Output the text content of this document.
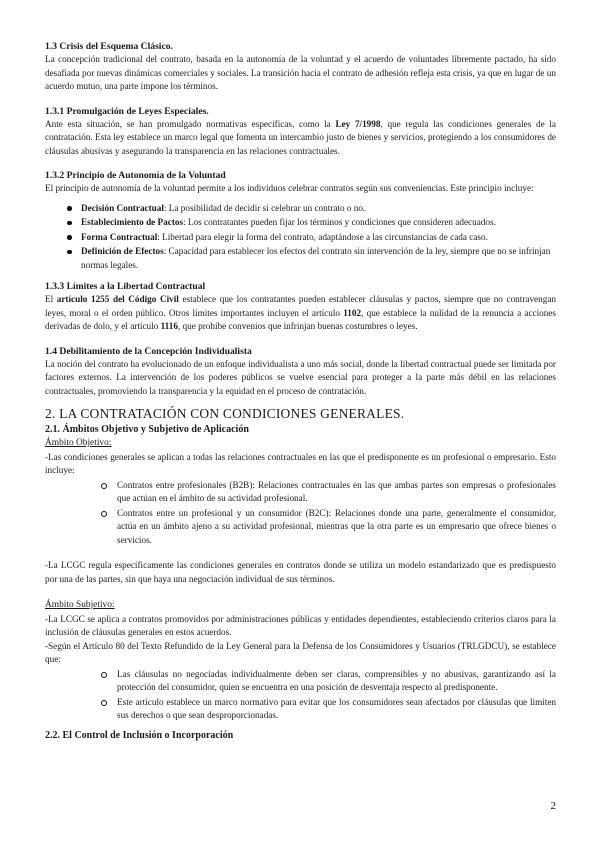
1.3 Crisis del Esquema Clásico.

La concepción tradicional del contrato, basada en la autonomía de la voluntad y el acuerdo de voluntades libremente pactado, ha sido desafiada por nuevas dinámicas comerciales y sociales. La transición hacia el contrato de adhesión refleja esta crisis, ya que en lugar de un acuerdo mutuo, una parte impone los términos.

1.3.1 Promulgación de Leyes Especiales.

Ante esta situación, se han promulgado normativas específicas, como la Ley 7/1998, que regula las condiciones generales de la contratación. Esta ley establece un marco legal que fomenta un intercambio justo de bienes y servicios, protegiendo a los consumidores de cláusulas abusivas y asegurando la transparencia en las relaciones contractuales.

1.3.2 Principio de Autonomía de la Voluntad

El principio de autonomía de la voluntad permite a los individuos celebrar contratos según sus conveniencias. Este principio incluye:

Decisión Contractual: La posibilidad de decidir si celebrar un contrato o no.
Establecimiento de Pactos: Los contratantes pueden fijar los términos y condiciones que consideren adecuados.
Forma Contractual: Libertad para elegir la forma del contrato, adaptándose a las circunstancias de cada caso.
Definición de Efectos: Capacidad para establecer los efectos del contrato sin intervención de la ley, siempre que no se infrinjan normas legales.

1.3.3 Límites a la Libertad Contractual

El artículo 1255 del Código Civil establece que los contratantes pueden establecer cláusulas y pactos, siempre que no contravengan leyes, moral o el orden público. Otros límites importantes incluyen el artículo 1102, que establece la nulidad de la renuncia a acciones derivadas de dolo, y el artículo 1116, que prohíbe convenios que infrinjan buenas costumbres o leyes.

1.4 Debilitamiento de la Concepción Individualista

La noción del contrato ha evolucionado de un enfoque individualista a uno más social, donde la libertad contractual puede ser limitada por factores externos. La intervención de los poderes públicos se vuelve esencial para proteger a la parte más débil en las relaciones contractuales, promoviendo la transparencia y la equidad en el proceso de contratación.

2. LA CONTRATACIÓN CON CONDICIONES GENERALES.

2.1. Ámbitos Objetivo y Subjetivo de Aplicación

Ámbito Objetivo:

-Las condiciones generales se aplican a todas las relaciones contractuales en las que el predisponente es un profesional o empresario. Esto incluye:

Contratos entre profesionales (B2B): Relaciones contractuales en las que ambas partes son empresas o profesionales que actúan en el ámbito de su actividad profesional.
Contratos entre un profesional y un consumidor (B2C): Relaciones donde una parte, generalmente el consumidor, actúa en un ámbito ajeno a su actividad profesional, mientras que la otra parte es un empresario que ofrece bienes o servicios.

-La LCGC regula específicamente las condiciones generales en contratos donde se utiliza un modelo estandarizado que es predispuesto por una de las partes, sin que haya una negociación individual de sus términos.

Ámbito Subjetivo:

-La LCGC se aplica a contratos promovidos por administraciones públicas y entidades dependientes, estableciendo criterios claros para la inclusión de cláusulas generales en estos acuerdos.

-Según el Artículo 80 del Texto Refundido de la Ley General para la Defensa de los Consumidores y Usuarios (TRLGDCU), se establece que:

Las cláusulas no negociadas individualmente deben ser claras, comprensibles y no abusivas, garantizando así la protección del consumidor, quien se encuentra en una posición de desventaja respecto al predisponente.
Este artículo establece un marco normativo para evitar que los consumidores sean afectados por cláusulas que limiten sus derechos o que sean desproporcionadas.

2.2. El Control de Inclusión o Incorporación

2
